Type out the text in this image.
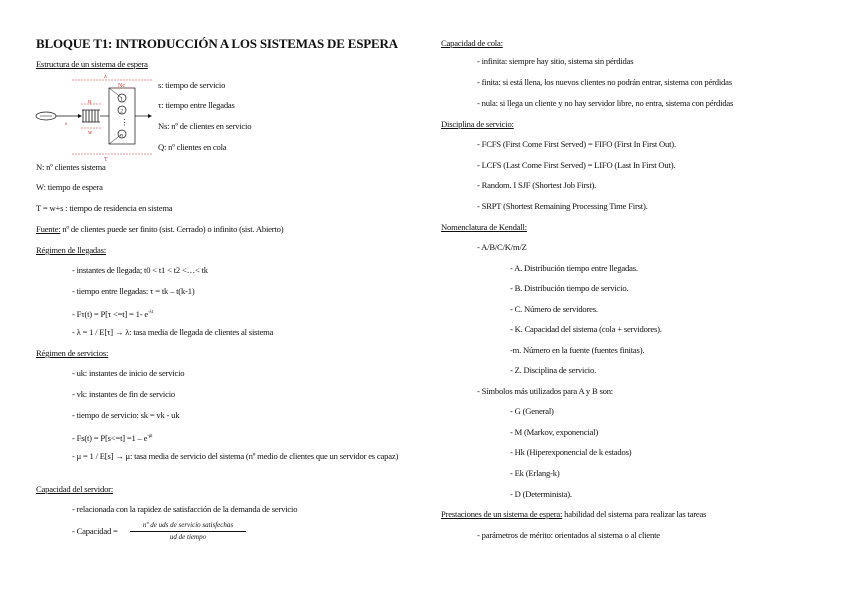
BLOQUE T1: INTRODUCCIÓN A LOS SISTEMAS DE ESPERA
Estructura de un sistema de espera
q
w
1
2
⋮
n
λ
Nc
s
T
s: tiempo de servicio
τ: tiempo entre llegadas
Ns: nº de clientes en servicio
Q: nº clientes en cola
N: nº clientes sistema
W: tiempo de espera
T = w+s : tiempo de residencia en sistema
Fuente: nº de clientes puede ser finito (sist. Cerrado) o infinito (sist. Abierto)
Régimen de llegadas:
- instantes de llegada; t0 < t1 < t2 <…< tk
- tiempo entre llegadas: τ = tk – t(k-1)
- Fτ(t) = P[τ <=t] = 1- $e^{-\lambda t}$
- λ = 1 / E[τ] → λ: tasa media de llegada de clientes al sistema
Régimen de servicios:
- uk: instantes de inicio de servicio
- vk: instantes de fin de servicio
- tiempo de servicio: sk = vk - uk
- $Fs(t) = P[s<=t] =1 - e^{-\mu t}$
- μ = 1 / E[s] → μ: tasa media de servicio del sistema (nº medio de clientes que un servidor es capaz)
Capacidad del servidor:
- relacionada con la rapidez de satisfacción de la demanda de servicio
- Capacidad =
nº de uds de servicio satisfechas
ud de tiempo
Capacidad de cola:
- infinita: siempre hay sitio, sistema sin pérdidas
- finita: si está llena, los nuevos clientes no podrán entrar, sistema con pérdidas
- nula: si llega un cliente y no hay servidor libre, no entra, sistema con pérdidas
Disciplina de servicio:
- FCFS (First Come First Served) = FIFO (First In First Out).
- LCFS (Last Come First Served) = LIFO (Last In First Out).
- Random. I SJF (Shortest Job First).
- SRPT (Shortest Remaining Processing Time First).
Nomenclatura de Kendall:
- A/B/C/K/m/Z
- A. Distribución tiempo entre llegadas.
- B. Distribución tiempo de servicio.
- C. Número de servidores.
- K. Capacidad del sistema (cola + servidores).
-m. Número en la fuente (fuentes finitas).
- Z. Disciplina de servicio.
- Símbolos más utilizados para A y B son:
- G (General)
- M (Markov, exponencial)
- Hk (Hiperexponencial de k estados)
- Ek (Erlang-k)
- D (Determinista).
Prestaciones de un sistema de espera: habilidad del sistema para realizar las tareas
- parámetros de mérito: orientados al sistema o al cliente
